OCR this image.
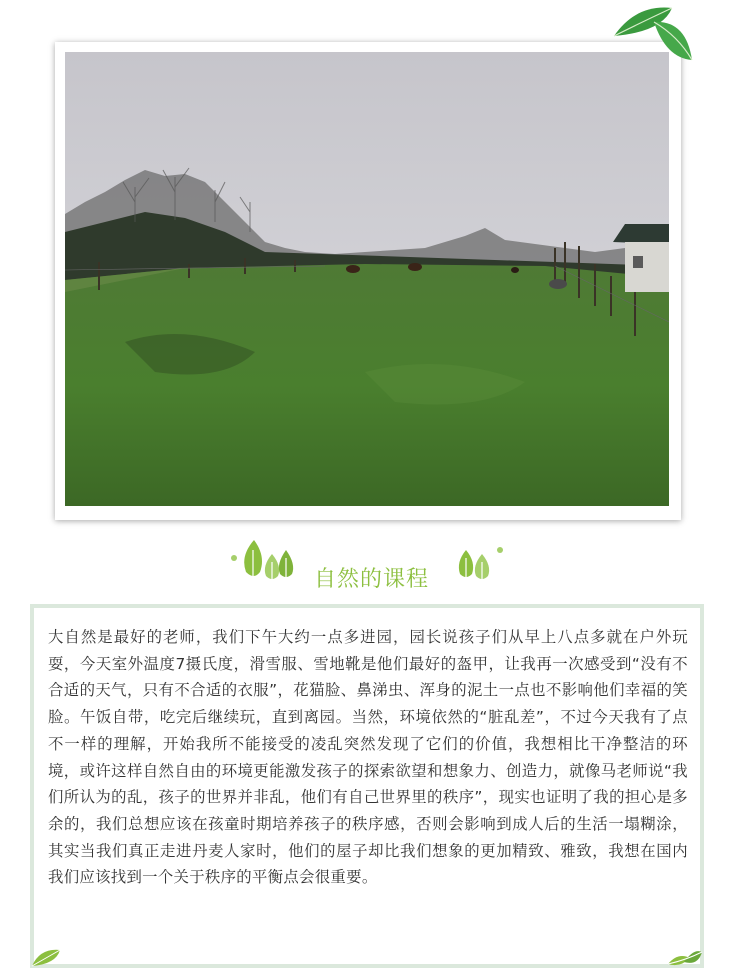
自然的课程

大自然是最好的老师，我们下午大约一点多进园，园长说孩子们从早上八点多就在户外玩耍，今天室外温度7摄氏度，滑雪服、雪地靴是他们最好的盔甲，让我再一次感受到“没有不合适的天气，只有不合适的衣服”，花猫脸、鼻涕虫、浑身的泥土一点也不影响他们幸福的笑脸。午饭自带，吃完后继续玩，直到离园。当然，环境依然的“脏乱差”，不过今天我有了点不一样的理解，开始我所不能接受的凌乱突然发现了它们的价值，我想相比干净整洁的环境，或许这样自然自由的环境更能激发孩子的探索欲望和想象力、创造力，就像马老师说“我们所认为的乱，孩子的世界并非乱，他们有自己世界里的秩序”，现实也证明了我的担心是多余的，我们总想应该在孩童时期培养孩子的秩序感，否则会影响到成人后的生活一塌糊涂，其实当我们真正走进丹麦人家时，他们的屋子却比我们想象的更加精致、雅致，我想在国内我们应该找到一个关于秩序的平衡点会很重要。
